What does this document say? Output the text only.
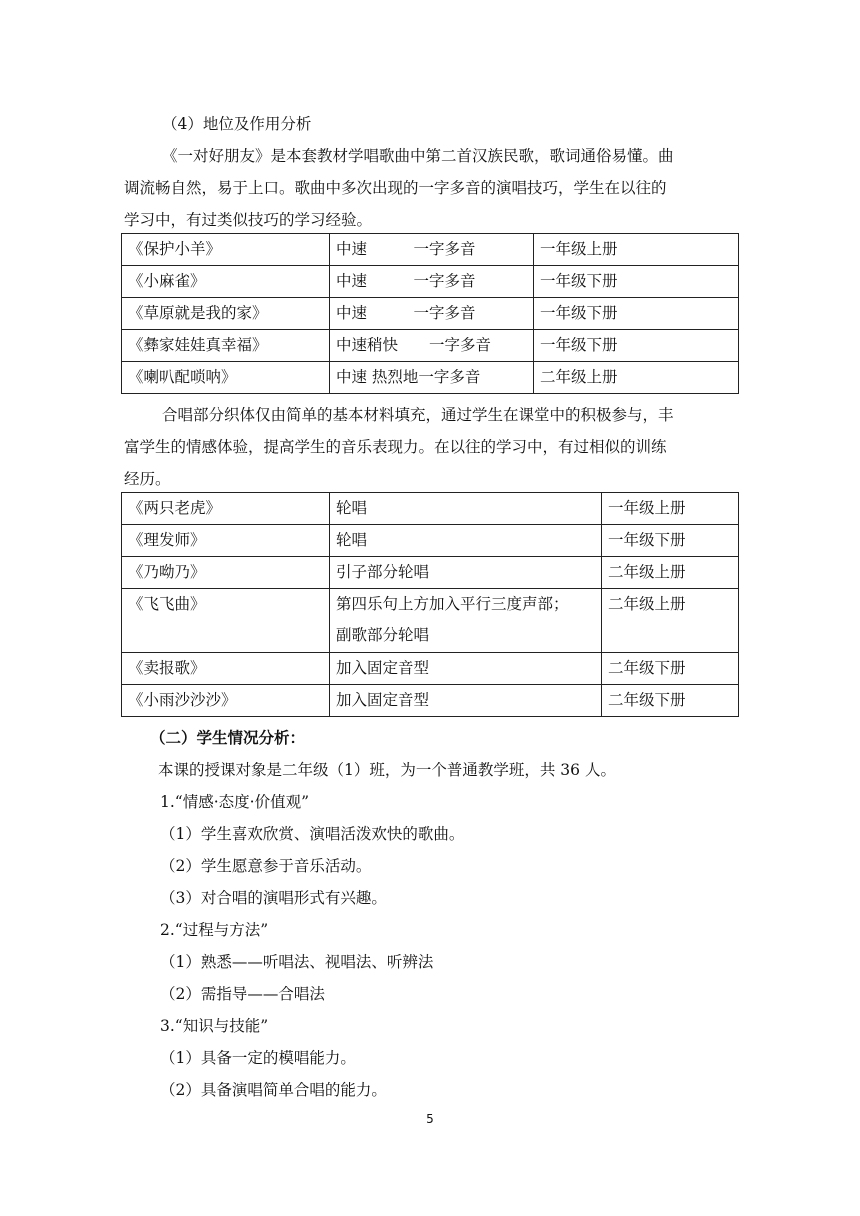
（4）地位及作用分析
《一对好朋友》是本套教材学唱歌曲中第二首汉族民歌，歌词通俗易懂。曲
调流畅自然，易于上口。歌曲中多次出现的一字多音的演唱技巧，学生在以往的
学习中，有过类似技巧的学习经验。
《保护小羊》	中速　　　一字多音	一年级上册
《小麻雀》	中速　　　一字多音	一年级下册
《草原就是我的家》	中速　　　一字多音	一年级下册
《彝家娃娃真幸福》	中速稍快　　一字多音	一年级下册
《喇叭配唢呐》	中速 热烈地一字多音	二年级上册
合唱部分织体仅由简单的基本材料填充，通过学生在课堂中的积极参与，丰
富学生的情感体验，提高学生的音乐表现力。在以往的学习中，有过相似的训练
经历。
《两只老虎》	轮唱	一年级上册
《理发师》	轮唱	一年级下册
《乃呦乃》	引子部分轮唱	二年级上册
《飞飞曲》	第四乐句上方加入平行三度声部；
副歌部分轮唱	二年级上册
《卖报歌》	加入固定音型	二年级下册
《小雨沙沙沙》	加入固定音型	二年级下册
（二）学生情况分析：
本课的授课对象是二年级（1）班，为一个普通教学班，共 36 人。
1.“情感·态度·价值观”
（1）学生喜欢欣赏、演唱活泼欢快的歌曲。
（2）学生愿意参于音乐活动。
（3）对合唱的演唱形式有兴趣。
2.“过程与方法”
（1）熟悉——听唱法、视唱法、听辨法
（2）需指导——合唱法
3.“知识与技能”
（1）具备一定的模唱能力。
（2）具备演唱简单合唱的能力。
5
